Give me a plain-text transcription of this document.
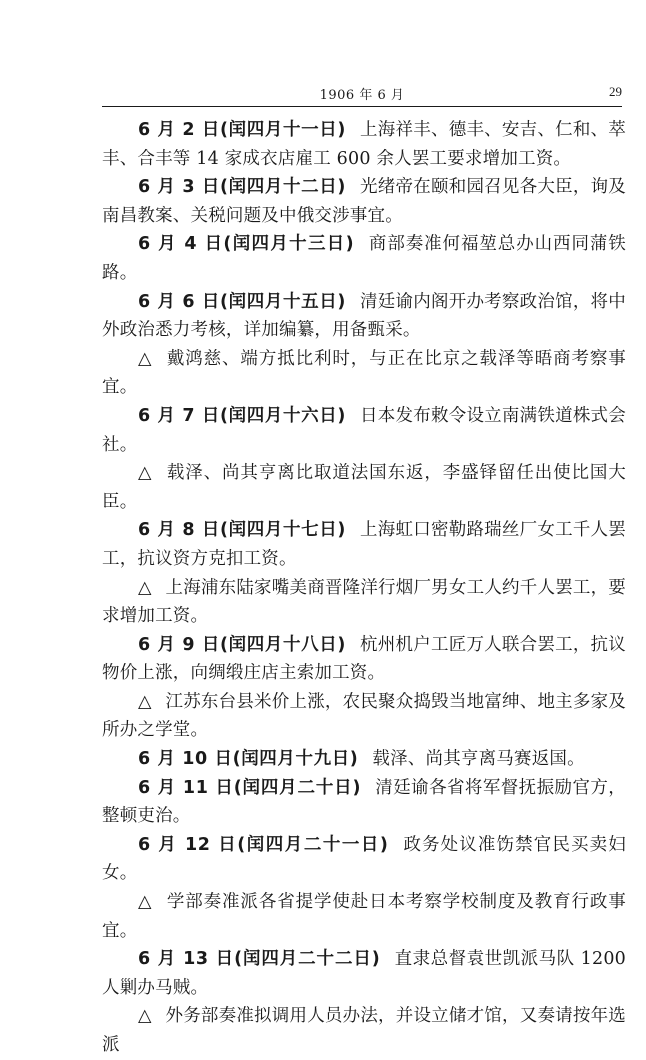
1906 年 6 月	29

6 月 2 日(闰四月十一日) 上海祥丰、德丰、安吉、仁和、萃丰、合丰等 14 家成衣店雇工 600 余人罢工要求增加工资。

6 月 3 日(闰四月十二日) 光绪帝在颐和园召见各大臣，询及南昌教案、关税问题及中俄交涉事宜。

6 月 4 日(闰四月十三日) 商部奏准何福堃总办山西同蒲铁路。

6 月 6 日(闰四月十五日) 清廷谕内阁开办考察政治馆，将中外政治悉力考核，详加编纂，用备甄采。

△ 戴鸿慈、端方抵比利时，与正在比京之载泽等晤商考察事宜。

6 月 7 日(闰四月十六日) 日本发布敕令设立南满铁道株式会社。

△ 载泽、尚其亨离比取道法国东返，李盛铎留任出使比国大臣。

6 月 8 日(闰四月十七日) 上海虹口密勒路瑞丝厂女工千人罢工，抗议资方克扣工资。

△ 上海浦东陆家嘴美商晋隆洋行烟厂男女工人约千人罢工，要求增加工资。

6 月 9 日(闰四月十八日) 杭州机户工匠万人联合罢工，抗议物价上涨，向绸缎庄店主索加工资。

△ 江苏东台县米价上涨，农民聚众捣毁当地富绅、地主多家及所办之学堂。

6 月 10 日(闰四月十九日) 载泽、尚其亨离马赛返国。

6 月 11 日(闰四月二十日) 清廷谕各省将军督抚振励官方，整顿吏治。

6 月 12 日(闰四月二十一日) 政务处议准饬禁官民买卖妇女。

△ 学部奏准派各省提学使赴日本考察学校制度及教育行政事宜。

6 月 13 日(闰四月二十二日) 直隶总督袁世凯派马队 1200 人剿办马贼。

△ 外务部奏准拟调用人员办法，并设立储才馆，又奏请按年选派
